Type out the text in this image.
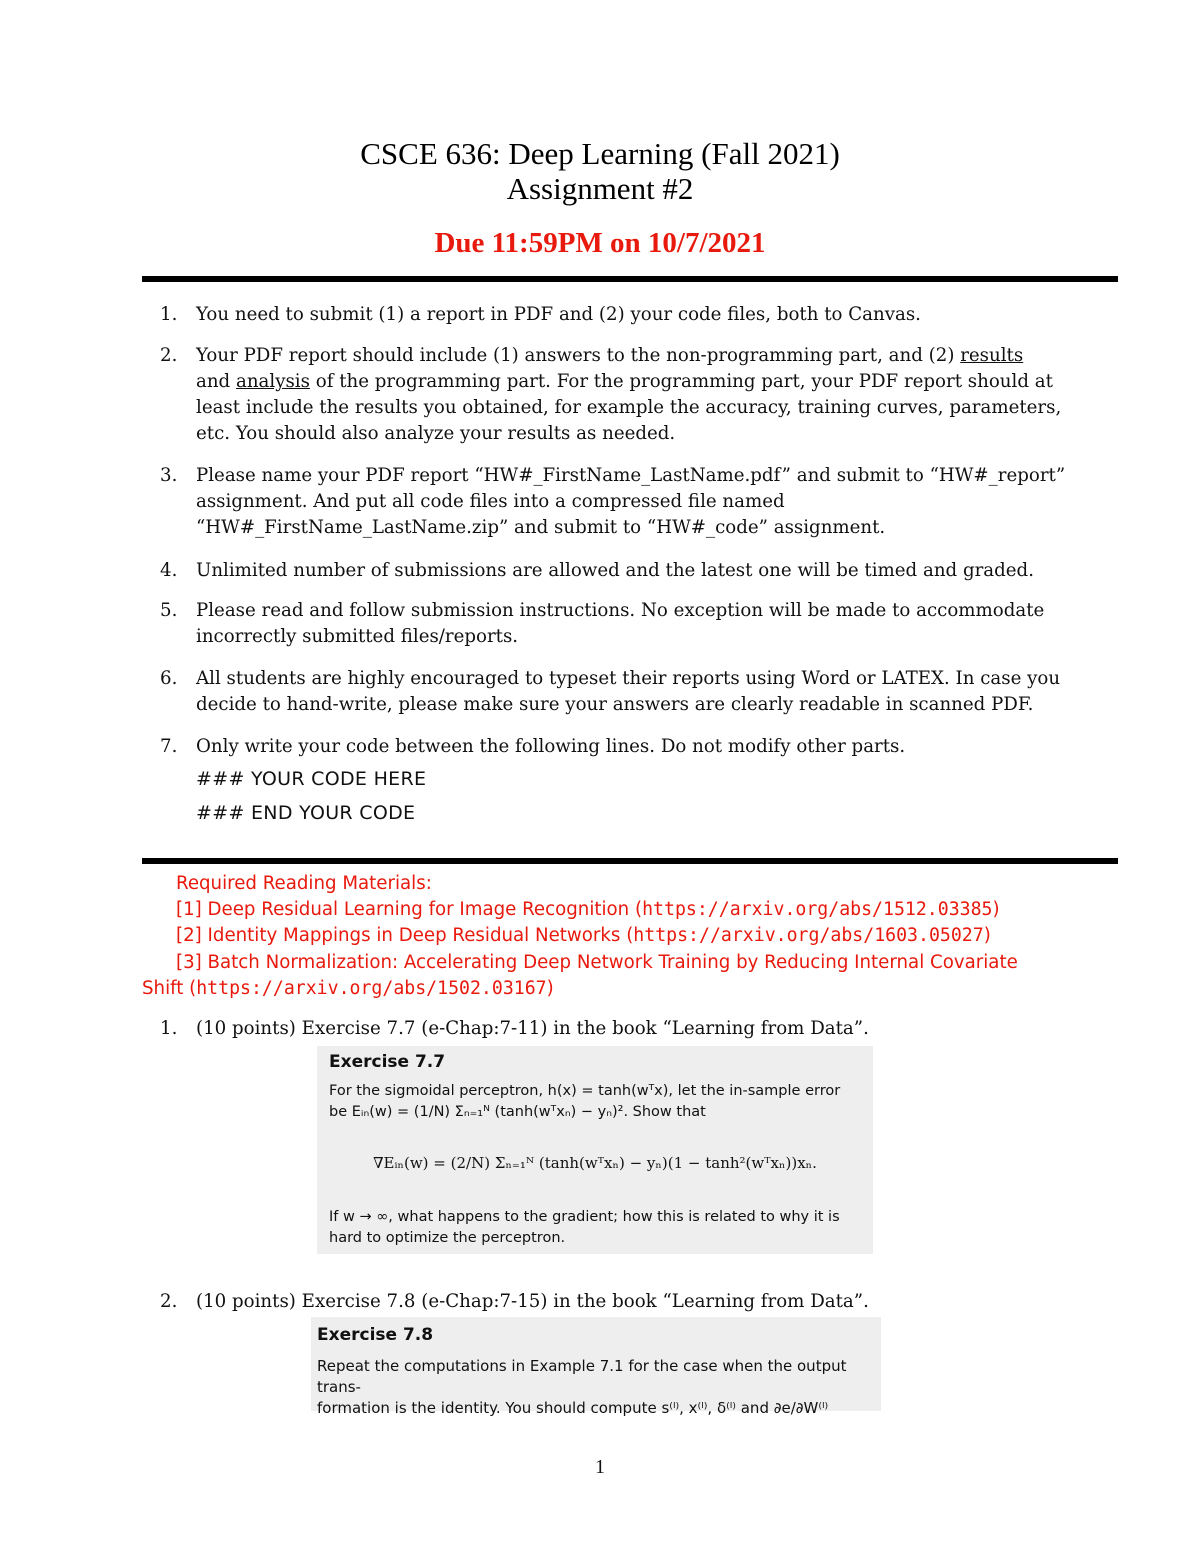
CSCE 636: Deep Learning (Fall 2021)
Assignment #2
Due 11:59PM on 10/7/2021
1. You need to submit (1) a report in PDF and (2) your code files, both to Canvas.
2. Your PDF report should include (1) answers to the non-programming part, and (2) results
and analysis of the programming part. For the programming part, your PDF report should at
least include the results you obtained, for example the accuracy, training curves, parameters,
etc. You should also analyze your results as needed.
3. Please name your PDF report “HW#_FirstName_LastName.pdf” and submit to “HW#_report”
assignment. And put all code files into a compressed file named
“HW#_FirstName_LastName.zip” and submit to “HW#_code” assignment.
4. Unlimited number of submissions are allowed and the latest one will be timed and graded.
5. Please read and follow submission instructions. No exception will be made to accommodate
incorrectly submitted files/reports.
6. All students are highly encouraged to typeset their reports using Word or LATEX. In case you
decide to hand-write, please make sure your answers are clearly readable in scanned PDF.
7. Only write your code between the following lines. Do not modify other parts.
### YOUR CODE HERE
### END YOUR CODE
Required Reading Materials:
[1] Deep Residual Learning for Image Recognition (https://arxiv.org/abs/1512.03385)
[2] Identity Mappings in Deep Residual Networks (https://arxiv.org/abs/1603.05027)
[3] Batch Normalization: Accelerating Deep Network Training by Reducing Internal Covariate
Shift (https://arxiv.org/abs/1502.03167)
1. (10 points) Exercise 7.7 (e-Chap:7-11) in the book “Learning from Data”.
Exercise 7.7
For the sigmoidal perceptron, h(x) = tanh(wᵀx), let the in-sample error
be Eᵢₙ(w) = (1/N) Σₙ₌₁ᴺ (tanh(wᵀxₙ) − yₙ)². Show that
∇Eᵢₙ(w) = (2/N) Σₙ₌₁ᴺ (tanh(wᵀxₙ) − yₙ)(1 − tanh²(wᵀxₙ))xₙ.
If w → ∞, what happens to the gradient; how this is related to why it is
hard to optimize the perceptron.
2. (10 points) Exercise 7.8 (e-Chap:7-15) in the book “Learning from Data”.
Exercise 7.8
Repeat the computations in Example 7.1 for the case when the output trans-
formation is the identity. You should compute s⁽ˡ⁾, x⁽ˡ⁾, δ⁽ˡ⁾ and ∂e/∂W⁽ˡ⁾
1
